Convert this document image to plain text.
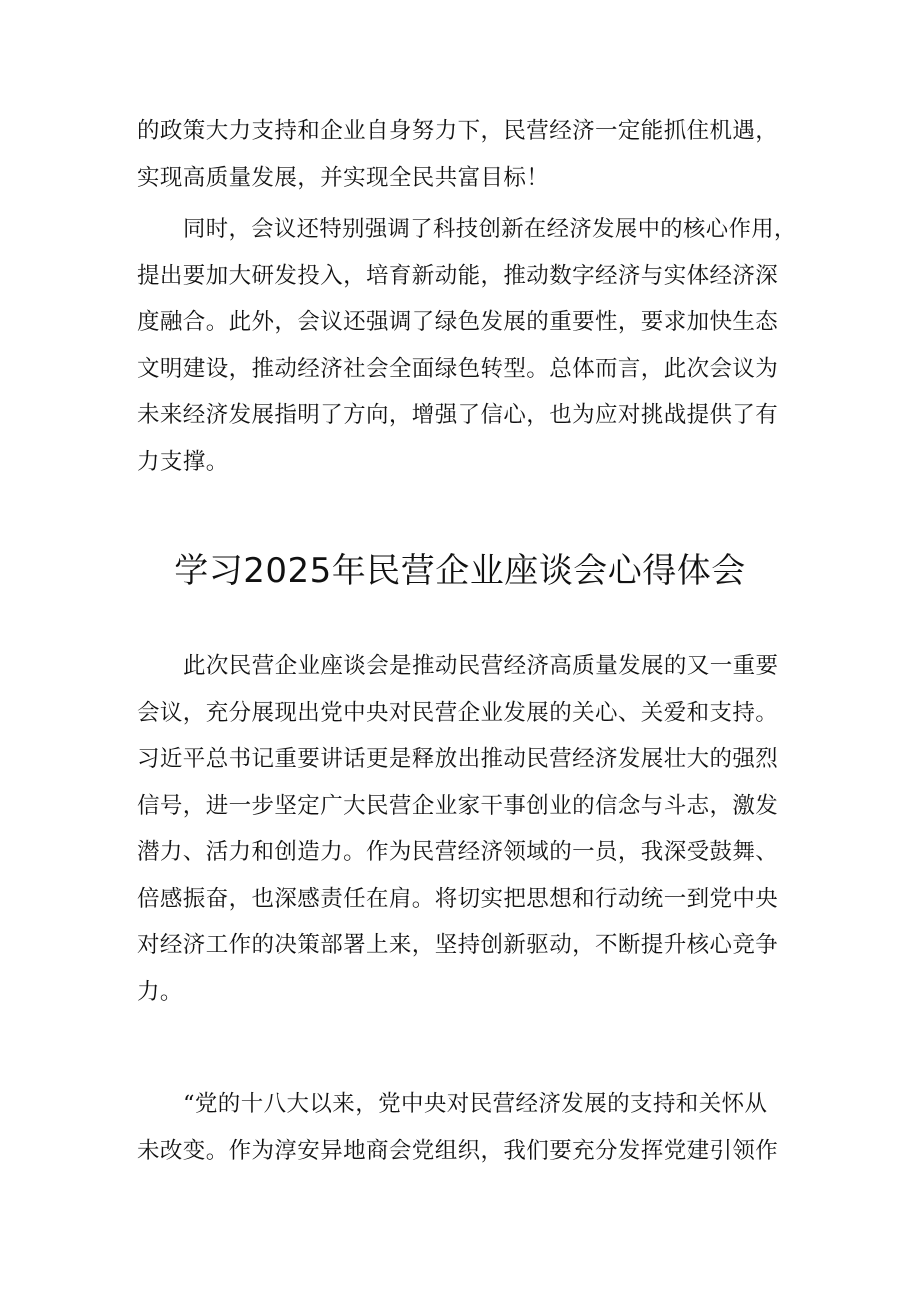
的政策大力支持和企业自身努力下，民营经济一定能抓住机遇，
实现高质量发展，并实现全民共富目标！
同时，会议还特别强调了科技创新在经济发展中的核心作用，
提出要加大研发投入，培育新动能，推动数字经济与实体经济深
度融合。此外，会议还强调了绿色发展的重要性，要求加快生态
文明建设，推动经济社会全面绿色转型。总体而言，此次会议为
未来经济发展指明了方向，增强了信心，也为应对挑战提供了有
力支撑。
学习2025年民营企业座谈会心得体会
此次民营企业座谈会是推动民营经济高质量发展的又一重要
会议，充分展现出党中央对民营企业发展的关心、关爱和支持。
习近平总书记重要讲话更是释放出推动民营经济发展壮大的强烈
信号，进一步坚定广大民营企业家干事创业的信念与斗志，激发
潜力、活力和创造力。作为民营经济领域的一员，我深受鼓舞、
倍感振奋，也深感责任在肩。将切实把思想和行动统一到党中央
对经济工作的决策部署上来，坚持创新驱动，不断提升核心竞争
力。
“党的十八大以来，党中央对民营经济发展的支持和关怀从
未改变。作为淳安异地商会党组织，我们要充分发挥党建引领作
